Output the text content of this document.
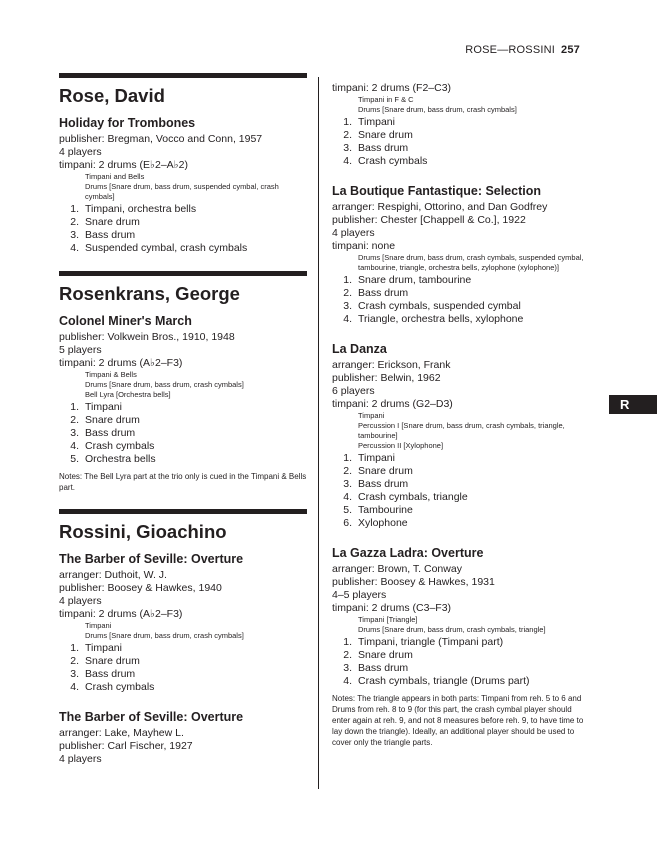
ROSE—ROSSINI 257
Rose, David
Holiday for Trombones
publisher: Bregman, Vocco and Conn, 1957
4 players
timpani: 2 drums (E♭2–A♭2)
Timpani and Bells
Drums [Snare drum, bass drum, suspended cymbal, crash cymbals]
1. Timpani, orchestra bells
2. Snare drum
3. Bass drum
4. Suspended cymbal, crash cymbals
Rosenkrans, George
Colonel Miner's March
publisher: Volkwein Bros., 1910, 1948
5 players
timpani: 2 drums (A♭2–F3)
Timpani & Bells
Drums [Snare drum, bass drum, crash cymbals]
Bell Lyra [Orchestra bells]
1. Timpani
2. Snare drum
3. Bass drum
4. Crash cymbals
5. Orchestra bells
Notes: The Bell Lyra part at the trio only is cued in the Timpani & Bells part.
Rossini, Gioachino
The Barber of Seville: Overture
arranger: Duthoit, W. J.
publisher: Boosey & Hawkes, 1940
4 players
timpani: 2 drums (A♭2–F3)
Timpani
Drums [Snare drum, bass drum, crash cymbals]
1. Timpani
2. Snare drum
3. Bass drum
4. Crash cymbals
The Barber of Seville: Overture
arranger: Lake, Mayhew L.
publisher: Carl Fischer, 1927
4 players
timpani: 2 drums (F2–C3)
Timpani in F & C
Drums [Snare drum, bass drum, crash cymbals]
1. Timpani
2. Snare drum
3. Bass drum
4. Crash cymbals
La Boutique Fantastique: Selection
arranger: Respighi, Ottorino, and Dan Godfrey
publisher: Chester [Chappell & Co.], 1922
4 players
timpani: none
Drums [Snare drum, bass drum, crash cymbals, suspended cymbal, tambourine, triangle, orchestra bells, zylophone (xylophone)]
1. Snare drum, tambourine
2. Bass drum
3. Crash cymbals, suspended cymbal
4. Triangle, orchestra bells, xylophone
La Danza
arranger: Erickson, Frank
publisher: Belwin, 1962
6 players
timpani: 2 drums (G2–D3)
Timpani
Percussion I [Snare drum, bass drum, crash cymbals, triangle, tambourine]
Percussion II [Xylophone]
1. Timpani
2. Snare drum
3. Bass drum
4. Crash cymbals, triangle
5. Tambourine
6. Xylophone
La Gazza Ladra: Overture
arranger: Brown, T. Conway
publisher: Boosey & Hawkes, 1931
4–5 players
timpani: 2 drums (C3–F3)
Timpani [Triangle]
Drums [Snare drum, bass drum, crash cymbals, triangle]
1. Timpani, triangle (Timpani part)
2. Snare drum
3. Bass drum
4. Crash cymbals, triangle (Drums part)
Notes: The triangle appears in both parts: Timpani from reh. 5 to 6 and Drums from reh. 8 to 9 (for this part, the crash cymbal player should enter again at reh. 9, and not 8 measures before reh. 9, to have time to lay down the triangle). Ideally, an additional player should be used to cover only the triangle parts.
R
